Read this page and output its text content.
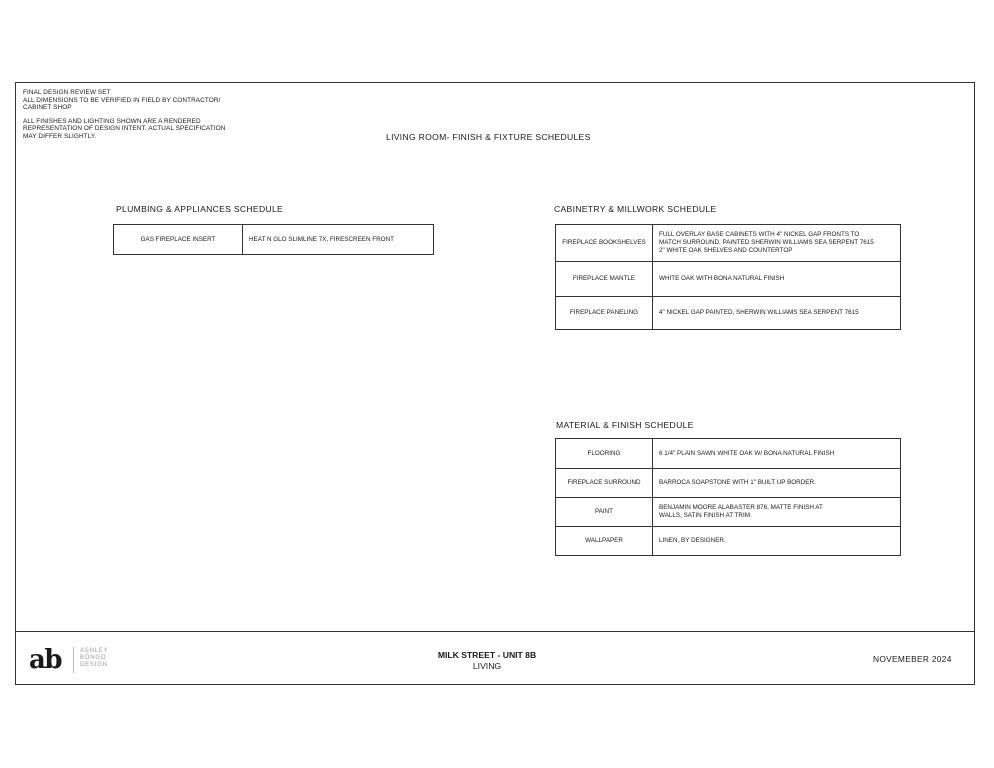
FINAL DESIGN REVIEW SET
ALL DIMENSIONS TO BE VERIFIED IN FIELD BY CONTRACTOR/
CABINET SHOP
ALL FINISHES AND LIGHTING SHOWN ARE A RENDERED
REPRESENTATION OF DESIGN INTENT. ACTUAL SPECIFICATION
MAY DIFFER SLIGHTLY.	LIVING ROOM- FINISH & FIXTURE SCHEDULES
PLUMBING & APPLIANCES SCHEDULE
GAS FIREPLACE INSERT	HEAT N GLO SLIMLINE 7X, FIRESCREEN FRONT
CABINETRY & MILLWORK SCHEDULE
FIREPLACE BOOKSHELVES	FULL OVERLAY BASE CABINETS WITH 4" NICKEL GAP FRONTS TO
MATCH SURROUND, PAINTED SHERWIN WILLIAMS SEA SERPENT 7615
2" WHITE OAK SHELVES AND COUNTERTOP

FIREPLACE MANTLE	WHITE OAK WITH BONA NATURAL FINISH
FIREPLACE PANELING	4" NICKEL GAP PAINTED, SHERWIN WILLIAMS SEA SERPENT 7615
MATERIAL & FINISH SCHEDULE
FLOORING	6 1/4" PLAIN SAWN WHITE OAK W/ BONA NATURAL FINISH
FIREPLACE SURROUND	BARROCA SOAPSTONE WITH 1" BUILT UP BORDER.
PAINT	BENJAMIN MOORE ALABASTER 876, MATTE FINISH AT
WALLS, SATIN FINISH AT TRIM.

WALLPAPER	LINEN, BY DESIGNER.
ab	ASHLEY
BONGO
DESIGN
MILK STREET - UNIT 8B
LIVING
NOVEMEBER 2024
